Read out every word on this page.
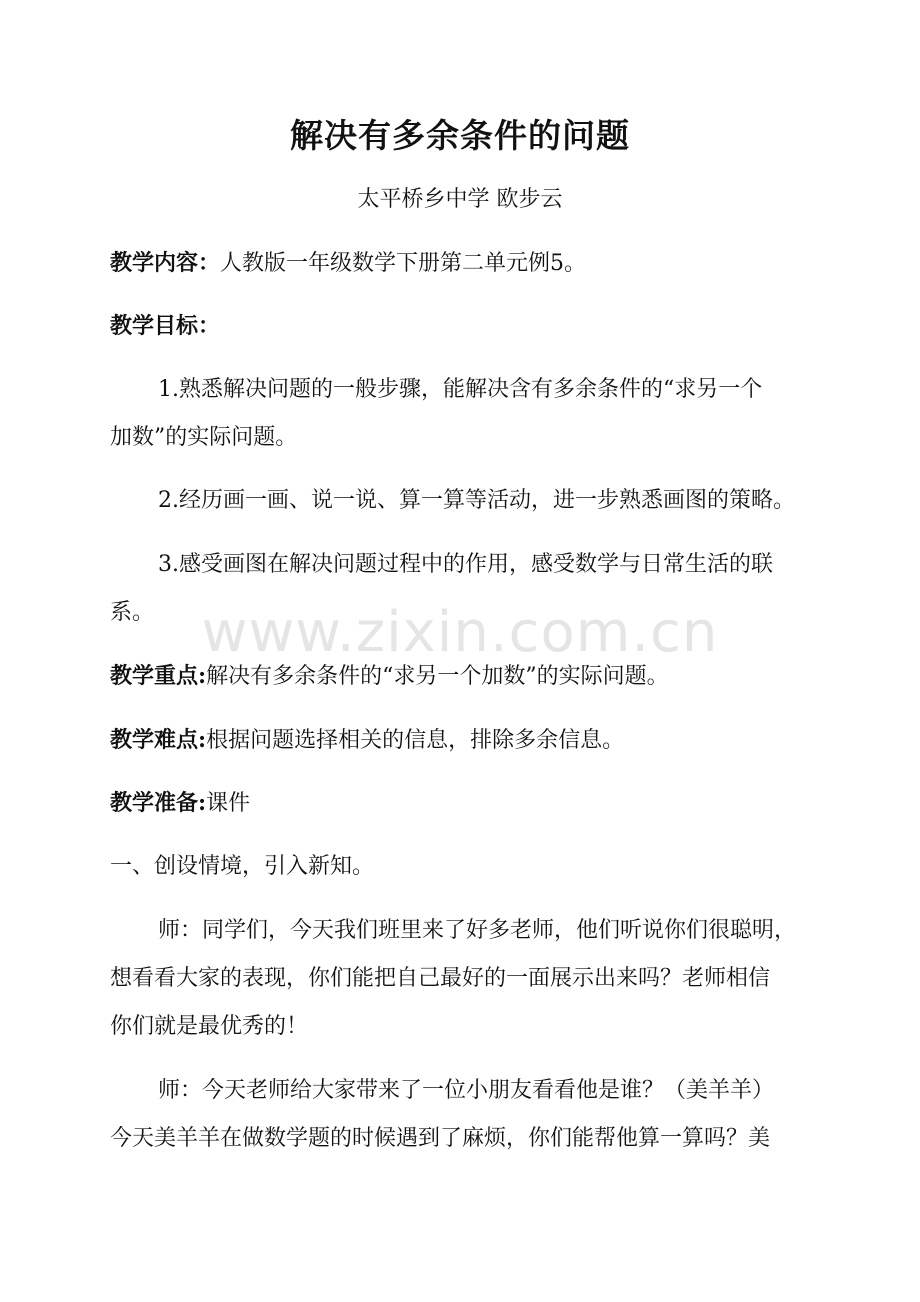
解决有多余条件的问题
太平桥乡中学 欧步云
教学内容：人教版一年级数学下册第二单元例5。
教学目标：
1.熟悉解决问题的一般步骤，能解决含有多余条件的“求另一个
加数”的实际问题。
2.经历画一画、说一说、算一算等活动，进一步熟悉画图的策略。
3.感受画图在解决问题过程中的作用，感受数学与日常生活的联
系。
教学重点:解决有多余条件的“求另一个加数”的实际问题。
教学难点:根据问题选择相关的信息，排除多余信息。
教学准备:课件
一、创设情境，引入新知。
师：同学们，今天我们班里来了好多老师，他们听说你们很聪明，
想看看大家的表现，你们能把自己最好的一面展示出来吗？老师相信
你们就是最优秀的！
师：今天老师给大家带来了一位小朋友看看他是谁？（美羊羊）
今天美羊羊在做数学题的时候遇到了麻烦，你们能帮他算一算吗？美
www.zixin.com.cn
